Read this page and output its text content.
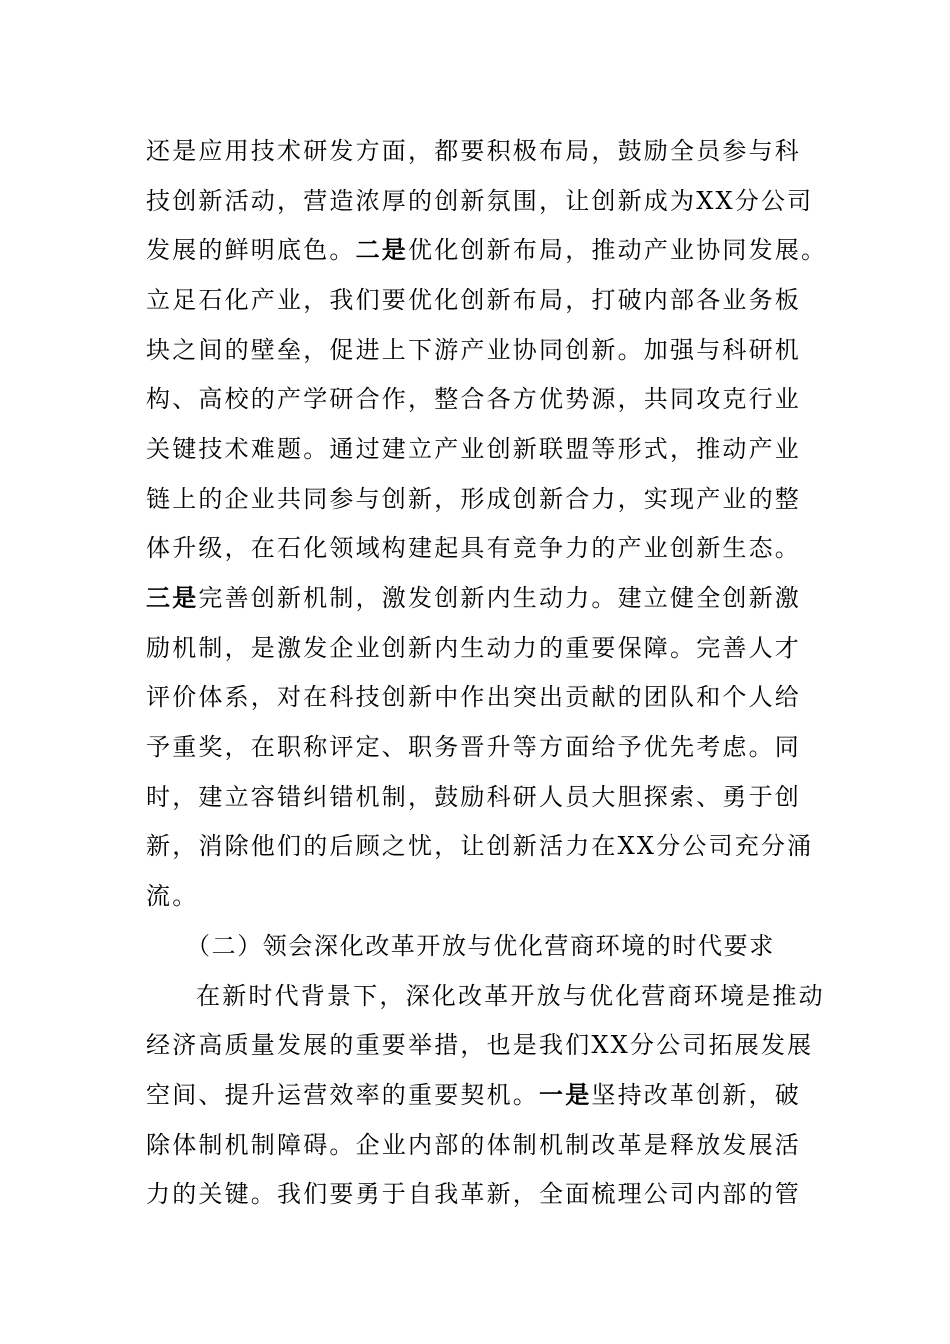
还是应用技术研发方面，都要积极布局，鼓励全员参与科
技创新活动，营造浓厚的创新氛围，让创新成为XX分公司
发展的鲜明底色。二是优化创新布局，推动产业协同发展。
立足石化产业，我们要优化创新布局，打破内部各业务板
块之间的壁垒，促进上下游产业协同创新。加强与科研机
构、高校的产学研合作，整合各方优势源，共同攻克行业
关键技术难题。通过建立产业创新联盟等形式，推动产业
链上的企业共同参与创新，形成创新合力，实现产业的整
体升级，在石化领域构建起具有竞争力的产业创新生态。
三是完善创新机制，激发创新内生动力。建立健全创新激
励机制，是激发企业创新内生动力的重要保障。完善人才
评价体系，对在科技创新中作出突出贡献的团队和个人给
予重奖，在职称评定、职务晋升等方面给予优先考虑。同
时，建立容错纠错机制，鼓励科研人员大胆探索、勇于创
新，消除他们的后顾之忧，让创新活力在XX分公司充分涌
流。
（二）领会深化改革开放与优化营商环境的时代要求
在新时代背景下，深化改革开放与优化营商环境是推动
经济高质量发展的重要举措，也是我们XX分公司拓展发展
空间、提升运营效率的重要契机。一是坚持改革创新，破
除体制机制障碍。企业内部的体制机制改革是释放发展活
力的关键。我们要勇于自我革新，全面梳理公司内部的管
